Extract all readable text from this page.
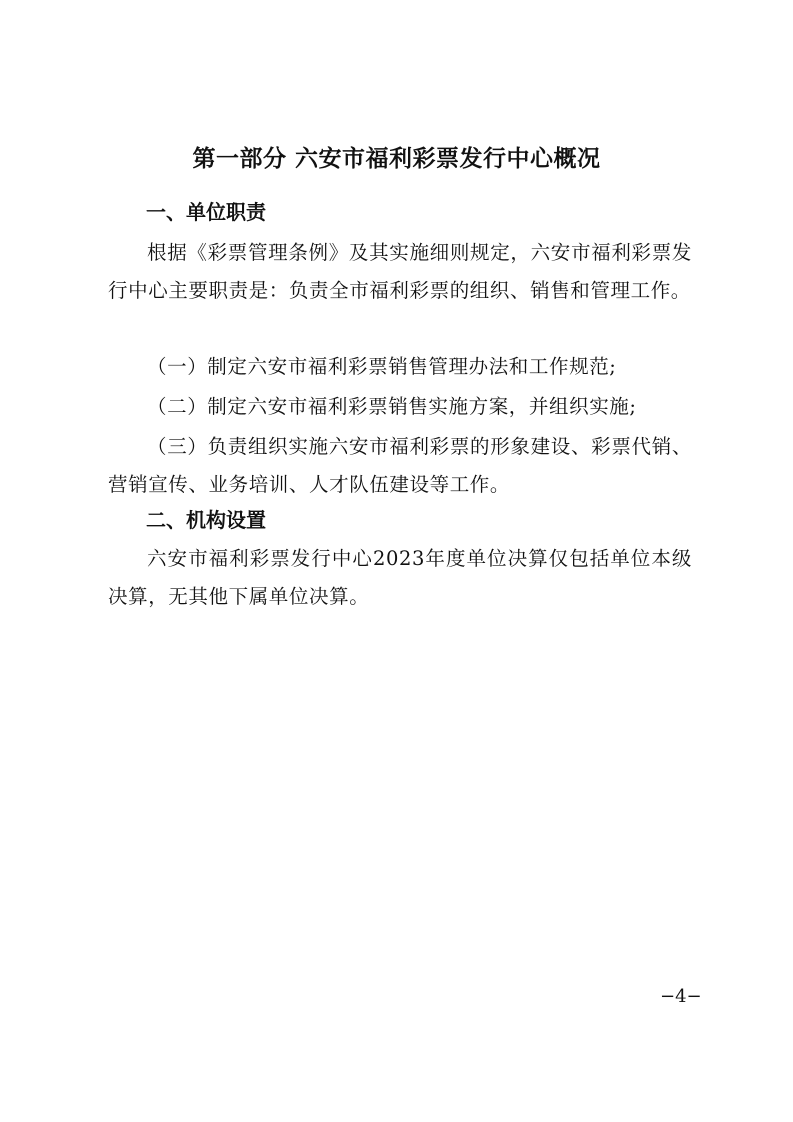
第一部分 六安市福利彩票发行中心概况
一、单位职责
根据《彩票管理条例》及其实施细则规定，六安市福利彩票发行中心主要职责是：负责全市福利彩票的组织、销售和管理工作。
（一）制定六安市福利彩票销售管理办法和工作规范;
（二）制定六安市福利彩票销售实施方案，并组织实施;
（三）负责组织实施六安市福利彩票的形象建设、彩票代销、营销宣传、业务培训、人才队伍建设等工作。
二、机构设置
六安市福利彩票发行中心2023年度单位决算仅包括单位本级决算，无其他下属单位决算。
−4−
